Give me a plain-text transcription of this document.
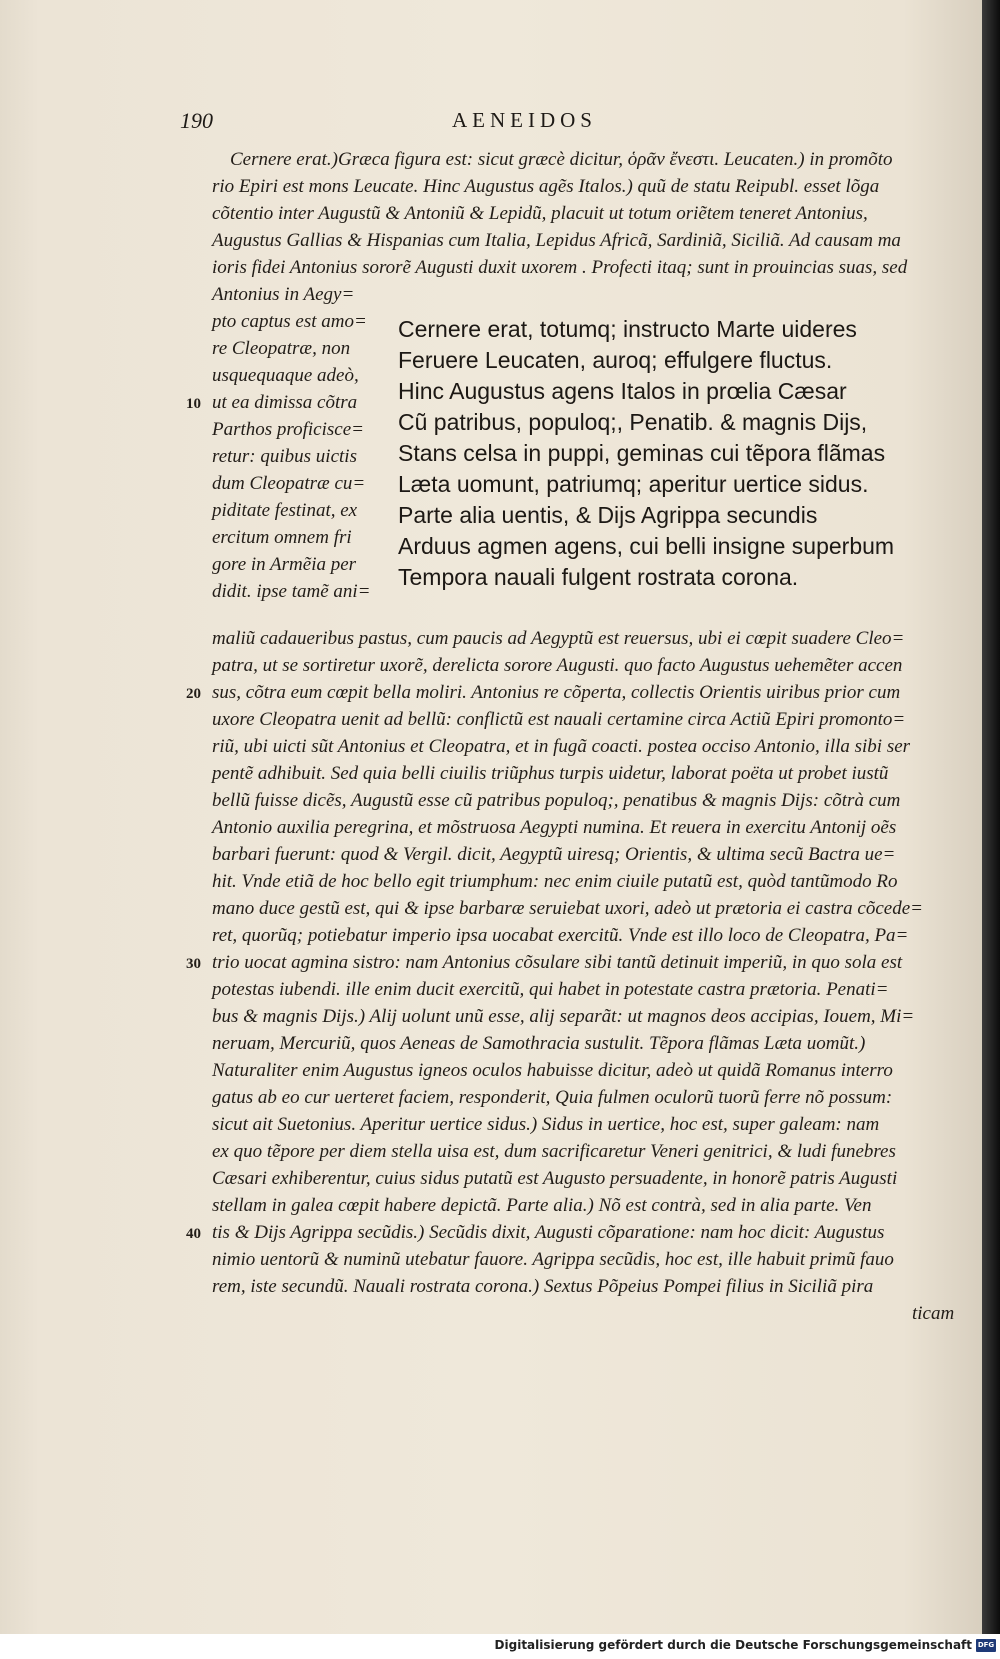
190	AENEIDOS
Cernere erat.)Græca figura est: sicut græcè dicitur, ὁρᾶν ἔνεστι. Leucaten.) in promõto
rio Epiri est mons Leucate. Hinc Augustus agẽs Italos.) quũ de statu Reipubl. esset lõga
cõtentio inter Augustũ & Antoniũ & Lepidũ, placuit ut totum oriẽtem teneret Antonius,
Augustus Gallias & Hispanias cum Italia, Lepidus Africã, Sardiniã, Siciliã. Ad causam ma
ioris fidei Antonius sororẽ Augusti duxit uxorem . Profecti itaq; sunt in prouincias suas, sed
Antonius in Aegy=
pto captus est amo=
re Cleopatræ, non
usquequaque adeò,
ut ea dimissa cõtra
Parthos proficisce=
retur: quibus uictis
dum Cleopatræ cu=
piditate festinat, ex
ercitum omnem fri
gore in Armẽia per
didit. ipse tamẽ ani=
Cernere erat, totumq; instructo Marte uideres
Feruere Leucaten, auroq; effulgere fluctus.
Hinc Augustus agens Italos in prœlia Cæsar
Cũ patribus, populoq;, Penatib. & magnis Dijs,
Stans celsa in puppi, geminas cui tẽpora flãmas
Læta uomunt, patriumq; aperitur uertice sidus.
Parte alia uentis, & Dijs Agrippa secundis
Arduus agmen agens, cui belli insigne superbum
Tempora nauali fulgent rostrata corona.
maliũ cadaueribus pastus, cum paucis ad Aegyptũ est reuersus, ubi ei cœpit suadere Cleo=
patra, ut se sortiretur uxorẽ, derelicta sorore Augusti. quo facto Augustus uehemẽter accen
sus, cõtra eum cœpit bella moliri. Antonius re cõperta, collectis Orientis uiribus prior cum
uxore Cleopatra uenit ad bellũ: conflictũ est nauali certamine circa Actiũ Epiri promonto=
riũ, ubi uicti sũt Antonius et Cleopatra, et in fugã coacti. postea occiso Antonio, illa sibi ser
pentẽ adhibuit. Sed quia belli ciuilis triũphus turpis uidetur, laborat poëta ut probet iustũ
bellũ fuisse dicẽs, Augustũ esse cũ patribus populoq;, penatibus & magnis Dijs: cõtrà cum
Antonio auxilia peregrina, et mõstruosa Aegypti numina. Et reuera in exercitu Antonij oẽs
barbari fuerunt: quod & Vergil. dicit, Aegyptũ uiresq; Orientis, & ultima secũ Bactra ue=
hit. Vnde etiã de hoc bello egit triumphum: nec enim ciuile putatũ est, quòd tantũmodo Ro
mano duce gestũ est, qui & ipse barbaræ seruiebat uxori, adeò ut prætoria ei castra cõcede=
ret, quorũq; potiebatur imperio ipsa uocabat exercitũ. Vnde est illo loco de Cleopatra, Pa=
trio uocat agmina sistro: nam Antonius cõsulare sibi tantũ detinuit imperiũ, in quo sola est
potestas iubendi. ille enim ducit exercitũ, qui habet in potestate castra prætoria. Penati=
bus & magnis Dijs.) Alij uolunt unũ esse, alij separãt: ut magnos deos accipias, Iouem, Mi=
neruam, Mercuriũ, quos Aeneas de Samothracia sustulit. Tẽpora flãmas Læta uomũt.)
Naturaliter enim Augustus igneos oculos habuisse dicitur, adeò ut quidã Romanus interro
gatus ab eo cur uerteret faciem, responderit, Quia fulmen oculorũ tuorũ ferre nõ possum:
sicut ait Suetonius. Aperitur uertice sidus.) Sidus in uertice, hoc est, super galeam: nam
ex quo tẽpore per diem stella uisa est, dum sacrificaretur Veneri genitrici, & ludi funebres
Cæsari exhiberentur, cuius sidus putatũ est Augusto persuadente, in honorẽ patris Augusti
stellam in galea cœpit habere depictã. Parte alia.) Nõ est contrà, sed in alia parte. Ven
tis & Dijs Agrippa secũdis.) Secũdis dixit, Augusti cõparatione: nam hoc dicit: Augustus
nimio uentorũ & numinũ utebatur fauore. Agrippa secũdis, hoc est, ille habuit primũ fauo
rem, iste secundũ. Nauali rostrata corona.) Sextus Põpeius Pompei filius in Siciliã pira
ticam
10
20
30
40
Digitalisierung gefördert durch die Deutsche Forschungsgemeinschaft DFG
